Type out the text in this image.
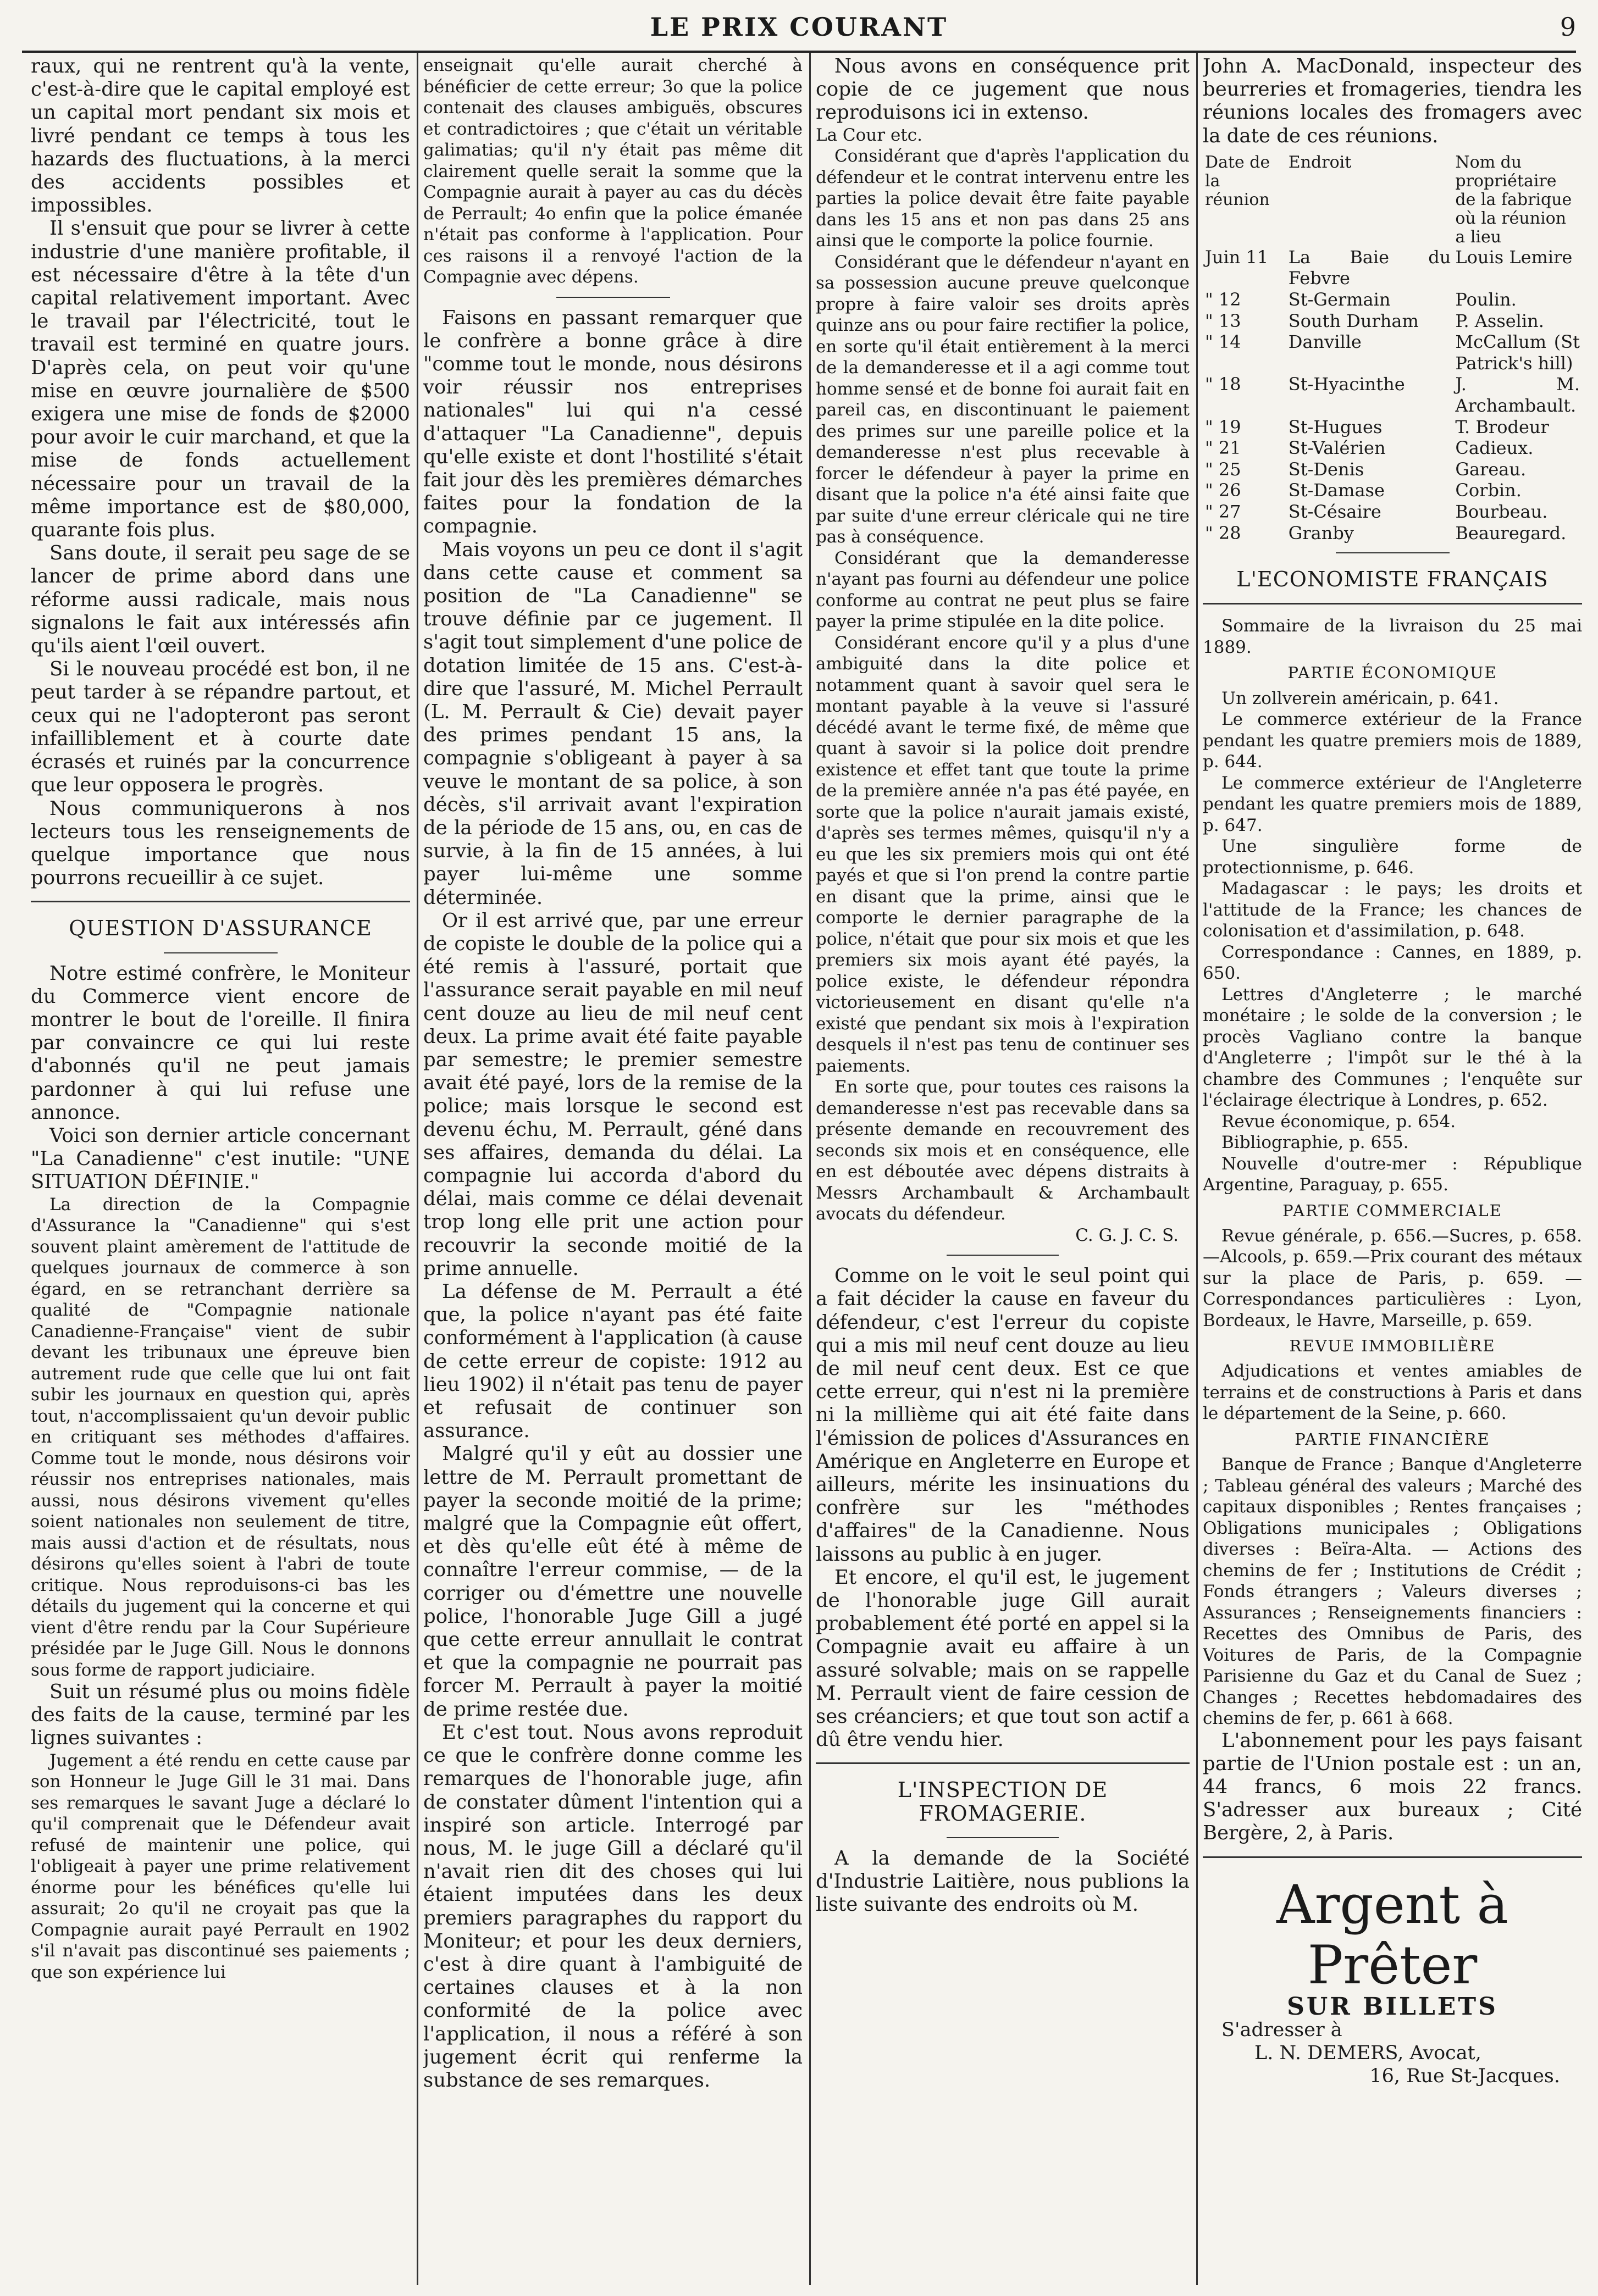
LE PRIX COURANT	9

raux, qui ne rentrent qu'à la vente, c'est-à-dire que le capital employé est un capital mort pendant six mois et livré pendant ce temps à tous les hazards des fluctuations, à la merci des accidents possibles et impossibles.

Il s'ensuit que pour se livrer à cette industrie d'une manière profitable, il est nécessaire d'être à la tête d'un capital relativement important. Avec le travail par l'électricité, tout le travail est terminé en quatre jours. D'après cela, on peut voir qu'une mise en œuvre journalière de $500 exigera une mise de fonds de $2000 pour avoir le cuir marchand, et que la mise de fonds actuellement nécessaire pour un travail de la même importance est de $80,000, quarante fois plus.

Sans doute, il serait peu sage de se lancer de prime abord dans une réforme aussi radicale, mais nous signalons le fait aux intéressés afin qu'ils aient l'œil ouvert.

Si le nouveau procédé est bon, il ne peut tarder à se répandre partout, et ceux qui ne l'adopteront pas seront infailliblement et à courte date écrasés et ruinés par la concurrence que leur opposera le progrès.

Nous communiquerons à nos lecteurs tous les renseignements de quelque importance que nous pourrons recueillir à ce sujet.

QUESTION D'ASSURANCE

Notre estimé confrère, le Moniteur du Commerce vient encore de montrer le bout de l'oreille. Il finira par convaincre ce qui lui reste d'abonnés qu'il ne peut jamais pardonner à qui lui refuse une annonce.

Voici son dernier article concernant "La Canadienne" c'est inutile: "UNE SITUATION DÉFINIE."

La direction de la Compagnie d'Assurance la "Canadienne" qui s'est souvent plaint amèrement de l'attitude de quelques journaux de commerce à son égard, en se retranchant derrière sa qualité de "Compagnie nationale Canadienne-Française" vient de subir devant les tribunaux une épreuve bien autrement rude que celle que lui ont fait subir les journaux en question qui, après tout, n'accomplissaient qu'un devoir public en critiquant ses méthodes d'affaires. Comme tout le monde, nous désirons voir réussir nos entreprises nationales, mais aussi, nous désirons vivement qu'elles soient nationales non seulement de titre, mais aussi d'action et de résultats, nous désirons qu'elles soient à l'abri de toute critique. Nous reproduisons-ci bas les détails du jugement qui la concerne et qui vient d'être rendu par la Cour Supérieure présidée par le Juge Gill. Nous le donnons sous forme de rapport judiciaire.

Suit un résumé plus ou moins fidèle des faits de la cause, terminé par les lignes suivantes :

Jugement a été rendu en cette cause par son Honneur le Juge Gill le 31 mai. Dans ses remarques le savant Juge a déclaré lo qu'il comprenait que le Défendeur avait refusé de maintenir une police, qui l'obligeait à payer une prime relativement énorme pour les bénéfices qu'elle lui assurait; 2o qu'il ne croyait pas que la Compagnie aurait payé Perrault en 1902 s'il n'avait pas discontinué ses paiements ; que son expérience lui

enseignait qu'elle aurait cherché à bénéficier de cette erreur; 3o que la police contenait des clauses ambiguës, obscures et contradictoires ; que c'était un véritable galimatias; qu'il n'y était pas même dit clairement quelle serait la somme que la Compagnie aurait à payer au cas du décès de Perrault; 4o enfin que la police émanée n'était pas conforme à l'application. Pour ces raisons il a renvoyé l'action de la Compagnie avec dépens.

Faisons en passant remarquer que le confrère a bonne grâce à dire "comme tout le monde, nous désirons voir réussir nos entreprises nationales" lui qui n'a cessé d'attaquer "La Canadienne", depuis qu'elle existe et dont l'hostilité s'était fait jour dès les premières démarches faites pour la fondation de la compagnie.

Mais voyons un peu ce dont il s'agit dans cette cause et comment sa position de "La Canadienne" se trouve définie par ce jugement. Il s'agit tout simplement d'une police de dotation limitée de 15 ans. C'est-à-dire que l'assuré, M. Michel Perrault (L. M. Perrault & Cie) devait payer des primes pendant 15 ans, la compagnie s'obligeant à payer à sa veuve le montant de sa police, à son décès, s'il arrivait avant l'expiration de la période de 15 ans, ou, en cas de survie, à la fin de 15 années, à lui payer lui-même une somme déterminée.

Or il est arrivé que, par une erreur de copiste le double de la police qui a été remis à l'assuré, portait que l'assurance serait payable en mil neuf cent douze au lieu de mil neuf cent deux. La prime avait été faite payable par semestre; le premier semestre avait été payé, lors de la remise de la police; mais lorsque le second est devenu échu, M. Perrault, géné dans ses affaires, demanda du délai. La compagnie lui accorda d'abord du délai, mais comme ce délai devenait trop long elle prit une action pour recouvrir la seconde moitié de la prime annuelle.

La défense de M. Perrault a été que, la police n'ayant pas été faite conformément à l'application (à cause de cette erreur de copiste: 1912 au lieu 1902) il n'était pas tenu de payer et refusait de continuer son assurance.

Malgré qu'il y eût au dossier une lettre de M. Perrault promettant de payer la seconde moitié de la prime; malgré que la Compagnie eût offert, et dès qu'elle eût été à même de connaître l'erreur commise, — de la corriger ou d'émettre une nouvelle police, l'honorable Juge Gill a jugé que cette erreur annullait le contrat et que la compagnie ne pourrait pas forcer M. Perrault à payer la moitié de prime restée due.

Et c'est tout. Nous avons reproduit ce que le confrère donne comme les remarques de l'honorable juge, afin de constater dûment l'intention qui a inspiré son article. Interrogé par nous, M. le juge Gill a déclaré qu'il n'avait rien dit des choses qui lui étaient imputées dans les deux premiers paragraphes du rapport du Moniteur; et pour les deux derniers, c'est à dire quant à l'ambiguité de certaines clauses et à la non conformité de la police avec l'application, il nous a référé à son jugement écrit qui renferme la substance de ses remarques.

Nous avons en conséquence prit copie de ce jugement que nous reproduisons ici in extenso.

La Cour etc.

Considérant que d'après l'application du défendeur et le contrat intervenu entre les parties la police devait être faite payable dans les 15 ans et non pas dans 25 ans ainsi que le comporte la police fournie.

Considérant que le défendeur n'ayant en sa possession aucune preuve quelconque propre à faire valoir ses droits après quinze ans ou pour faire rectifier la police, en sorte qu'il était entièrement à la merci de la demanderesse et il a agi comme tout homme sensé et de bonne foi aurait fait en pareil cas, en discontinuant le paiement des primes sur une pareille police et la demanderesse n'est plus recevable à forcer le défendeur à payer la prime en disant que la police n'a été ainsi faite que par suite d'une erreur cléricale qui ne tire pas à conséquence.

Considérant que la demanderesse n'ayant pas fourni au défendeur une police conforme au contrat ne peut plus se faire payer la prime stipulée en la dite police.

Considérant encore qu'il y a plus d'une ambiguité dans la dite police et notamment quant à savoir quel sera le montant payable à la veuve si l'assuré décédé avant le terme fixé, de même que quant à savoir si la police doit prendre existence et effet tant que toute la prime de la première année n'a pas été payée, en sorte que la police n'aurait jamais existé, d'après ses termes mêmes, quisqu'il n'y a eu que les six premiers mois qui ont été payés et que si l'on prend la contre partie en disant que la prime, ainsi que le comporte le dernier paragraphe de la police, n'était que pour six mois et que les premiers six mois ayant été payés, la police existe, le défendeur répondra victorieusement en disant qu'elle n'a existé que pendant six mois à l'expiration desquels il n'est pas tenu de continuer ses paiements.

En sorte que, pour toutes ces raisons la demanderesse n'est pas recevable dans sa présente demande en recouvrement des seconds six mois et en conséquence, elle en est déboutée avec dépens distraits à Messrs Archambault & Archambault avocats du défendeur.

C. G. J. C. S.

Comme on le voit le seul point qui a fait décider la cause en faveur du défendeur, c'est l'erreur du copiste qui a mis mil neuf cent douze au lieu de mil neuf cent deux. Est ce que cette erreur, qui n'est ni la première ni la millième qui ait été faite dans l'émission de polices d'Assurances en Amérique en Angleterre en Europe et ailleurs, mérite les insinuations du confrère sur les "méthodes d'affaires" de la Canadienne. Nous laissons au public à en juger.

Et encore, el qu'il est, le jugement de l'honorable juge Gill aurait probablement été porté en appel si la Compagnie avait eu affaire à un assuré solvable; mais on se rappelle M. Perrault vient de faire cession de ses créanciers; et que tout son actif a dû être vendu hier.

L'INSPECTION DE FROMAGERIE.

A la demande de la Société d'Industrie Laitière, nous publions la liste suivante des endroits où M.

John A. MacDonald, inspecteur des beurreries et fromageries, tiendra les réunions locales des fromagers avec la date de ces réunions.

Date de la réunion	Endroit	Nom du propriétaire de la fabrique où la réunion a lieu
Juin 11	La Baie du Febvre	Louis Lemire
" 12	St-Germain	Poulin.
" 13	South Durham	P. Asselin.
" 14	Danville	McCallum (St Patrick's hill)
" 18	St-Hyacinthe	J. M. Archambault.
" 19	St-Hugues	T. Brodeur
" 21	St-Valérien	Cadieux.
" 25	St-Denis	Gareau.
" 26	St-Damase	Corbin.
" 27	St-Césaire	Bourbeau.
" 28	Granby	Beauregard.
L'ECONOMISTE FRANÇAIS

Sommaire de la livraison du 25 mai 1889.

PARTIE ÉCONOMIQUE

Un zollverein américain, p. 641.

Le commerce extérieur de la France pendant les quatre premiers mois de 1889, p. 644.

Le commerce extérieur de l'Angleterre pendant les quatre premiers mois de 1889, p. 647.

Une singulière forme de protectionnisme, p. 646.

Madagascar : le pays; les droits et l'attitude de la France; les chances de colonisation et d'assimilation, p. 648.

Correspondance : Cannes, en 1889, p. 650.

Lettres d'Angleterre ; le marché monétaire ; le solde de la conversion ; le procès Vagliano contre la banque d'Angleterre ; l'impôt sur le thé à la chambre des Communes ; l'enquête sur l'éclairage électrique à Londres, p. 652.

Revue économique, p. 654.

Bibliographie, p. 655.

Nouvelle d'outre-mer : République Argentine, Paraguay, p. 655.

PARTIE COMMERCIALE

Revue générale, p. 656.—Sucres, p. 658. —Alcools, p. 659.—Prix courant des métaux sur la place de Paris, p. 659. — Correspondances particulières : Lyon, Bordeaux, le Havre, Marseille, p. 659.

REVUE IMMOBILIÈRE

Adjudications et ventes amiables de terrains et de constructions à Paris et dans le département de la Seine, p. 660.

PARTIE FINANCIÈRE

Banque de France ; Banque d'Angleterre ; Tableau général des valeurs ; Marché des capitaux disponibles ; Rentes françaises ; Obligations municipales ; Obligations diverses : Beïra-Alta. — Actions des chemins de fer ; Institutions de Crédit ; Fonds étrangers ; Valeurs diverses ; Assurances ; Renseignements financiers : Recettes des Omnibus de Paris, des Voitures de Paris, de la Compagnie Parisienne du Gaz et du Canal de Suez ; Changes ; Recettes hebdomadaires des chemins de fer, p. 661 à 668.

L'abonnement pour les pays faisant partie de l'Union postale est : un an, 44 francs, 6 mois 22 francs. S'adresser aux bureaux ; Cité Bergère, 2, à Paris.

Argent à Prêter
SUR BILLETS

S'adresser à

L. N. DEMERS, Avocat,

16, Rue St-Jacques.
